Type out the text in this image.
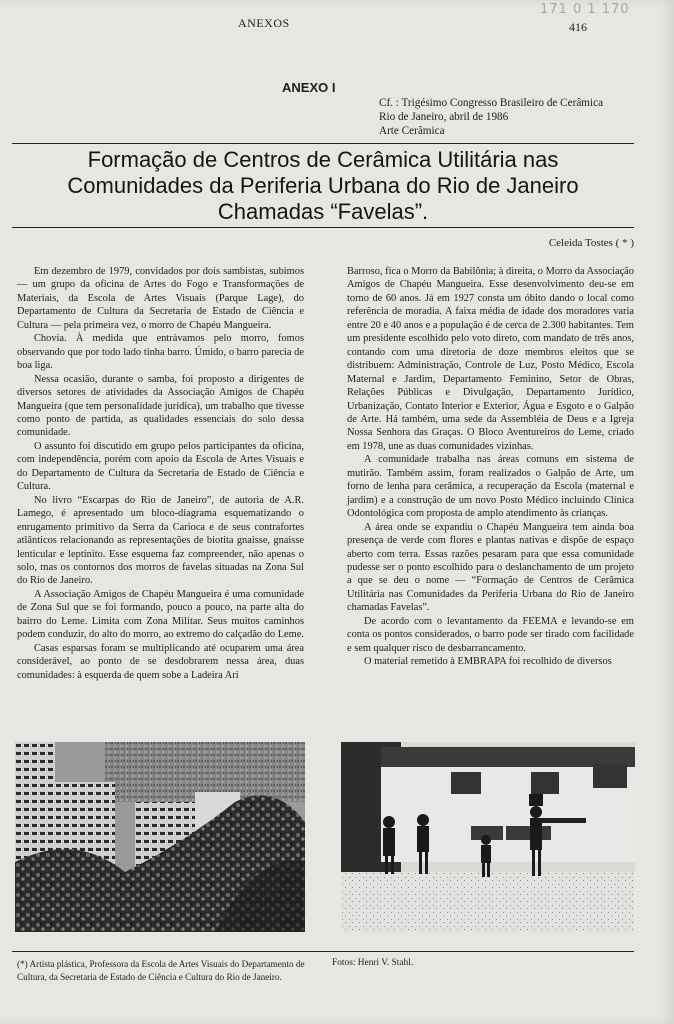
ANEXOS
171 0 1 170
416
ANEXO I
Cf. : Trigésimo Congresso Brasileiro de Cerâmica
Rio de Janeiro, abril de 1986
Arte Cerâmica
Formação de Centros de Cerâmica Utilitária nas
Comunidades da Periferia Urbana do Rio de Janeiro
Chamadas “Favelas”.
Celeida Tostes ( * )

Em dezembro de 1979, convidados por dois sambistas, subimos — um grupo da oficina de Artes do Fogo e Transformações de Materiais, da Escola de Artes Visuais (Parque Lage), do Departamento de Cultura da Secretaria de Estado de Ciência e Cultura — pela primeira vez, o morro de Chapéu Mangueira.

Chovia. À medida que entrávamos pelo morro, fomos observando que por todo lado tinha barro. Úmido, o barro parecia de boa liga.

Nessa ocasião, durante o samba, foi proposto a dirigentes de diversos setores de atividades da Associação Amigos de Chapéu Mangueira (que tem personalidade jurídica), um trabalho que tivesse como ponto de partida, as qualidades essenciais do solo dessa comunidade.

O assunto foi discutido em grupo pelos participantes da oficina, com independência, porém com apoio da Escola de Artes Visuais e do Departamento de Cultura da Secretaria de Estado de Ciência e Cultura.

No livro “Escarpas do Rio de Janeiro”, de autoria de A.R. Lamego, é apresentado um bloco-diagrama esquematizando o enrugamento primitivo da Serra da Carioca e de seus contrafortes atlânticos relacionando as representações de biotita gnaisse, gnaisse lenticular e leptinito. Esse esquema faz compreender, não apenas o solo, mas os contornos dos morros de favelas situadas na Zona Sul do Rio de Janeiro.

A Associação Amigos de Chapéu Mangueira é uma comunidade de Zona Sul que se foi formando, pouco a pouco, na parte alta do bairro do Leme. Limita com Zona Militar. Seus muitos caminhos podem conduzir, do alto do morro, ao extremo do calçadão do Leme.

Casas esparsas foram se multiplicando até ocuparem uma área considerável, ao ponto de se desdobrarem nessa área, duas comunidades: à esquerda de quem sobe a Ladeira Ari

Barroso, fica o Morro da Babilônia; à direita, o Morro da Associação Amigos de Chapéu Mangueira. Esse desenvolvimento deu-se em torno de 60 anos. Já em 1927 consta um óbito dando o local como referência de moradia. A faixa média de idade dos moradores varia entre 20 e 40 anos e a população é de cerca de 2.300 habitantes. Tem um presidente escolhido pelo voto direto, com mandato de três anos, contando com uma diretoria de doze membros eleitos que se distribuem: Administração, Controle de Luz, Posto Médico, Escola Maternal e Jardim, Departamento Feminino, Setor de Obras, Relações Públicas e Divulgação, Departamento Jurídico, Urbanização, Contato Interior e Exterior, Água e Esgoto e o Galpão de Arte. Há também, uma sede da Assembléia de Deus e a Igreja Nossa Senhora das Graças. O Bloco Aventureiros do Leme, criado em 1978, une as duas comunidades vizinhas.

A comunidade trabalha nas áreas comuns em sistema de mutirão. Também assim, foram realizados o Galpão de Arte, um forno de lenha para cerâmica, a recuperação da Escola (maternal e jardim) e a construção de um novo Posto Médico incluindo Clínica Odontológica com proposta de amplo atendimento às crianças.

A área onde se expandiu o Chapéu Mangueira tem ainda boa presença de verde com flores e plantas nativas e dispõe de espaço aberto com terra. Essas razões pesaram para que essa comunidade pudesse ser o ponto escolhido para o deslanchamento de um projeto a que se deu o nome — “Formação de Centros de Cerâmica Utilitária nas Comunidades da Periferia Urbana do Rio de Janeiro chamadas Favelas”.

De acordo com o levantamento da FEEMA e levando-se em conta os pontos considerados, o barro pode ser tirado com facilidade e sem qualquer risco de desbarrancamento.

O material remetido à EMBRAPA foi recolhido de diversos

(*) Artista plástica, Professora da Escola de Artes Visuais do Departamento de Cultura, da Secretaria de Estado de Ciência e Cultura do Rio de Janeiro.
Fotos: Henri V. Stahl.
